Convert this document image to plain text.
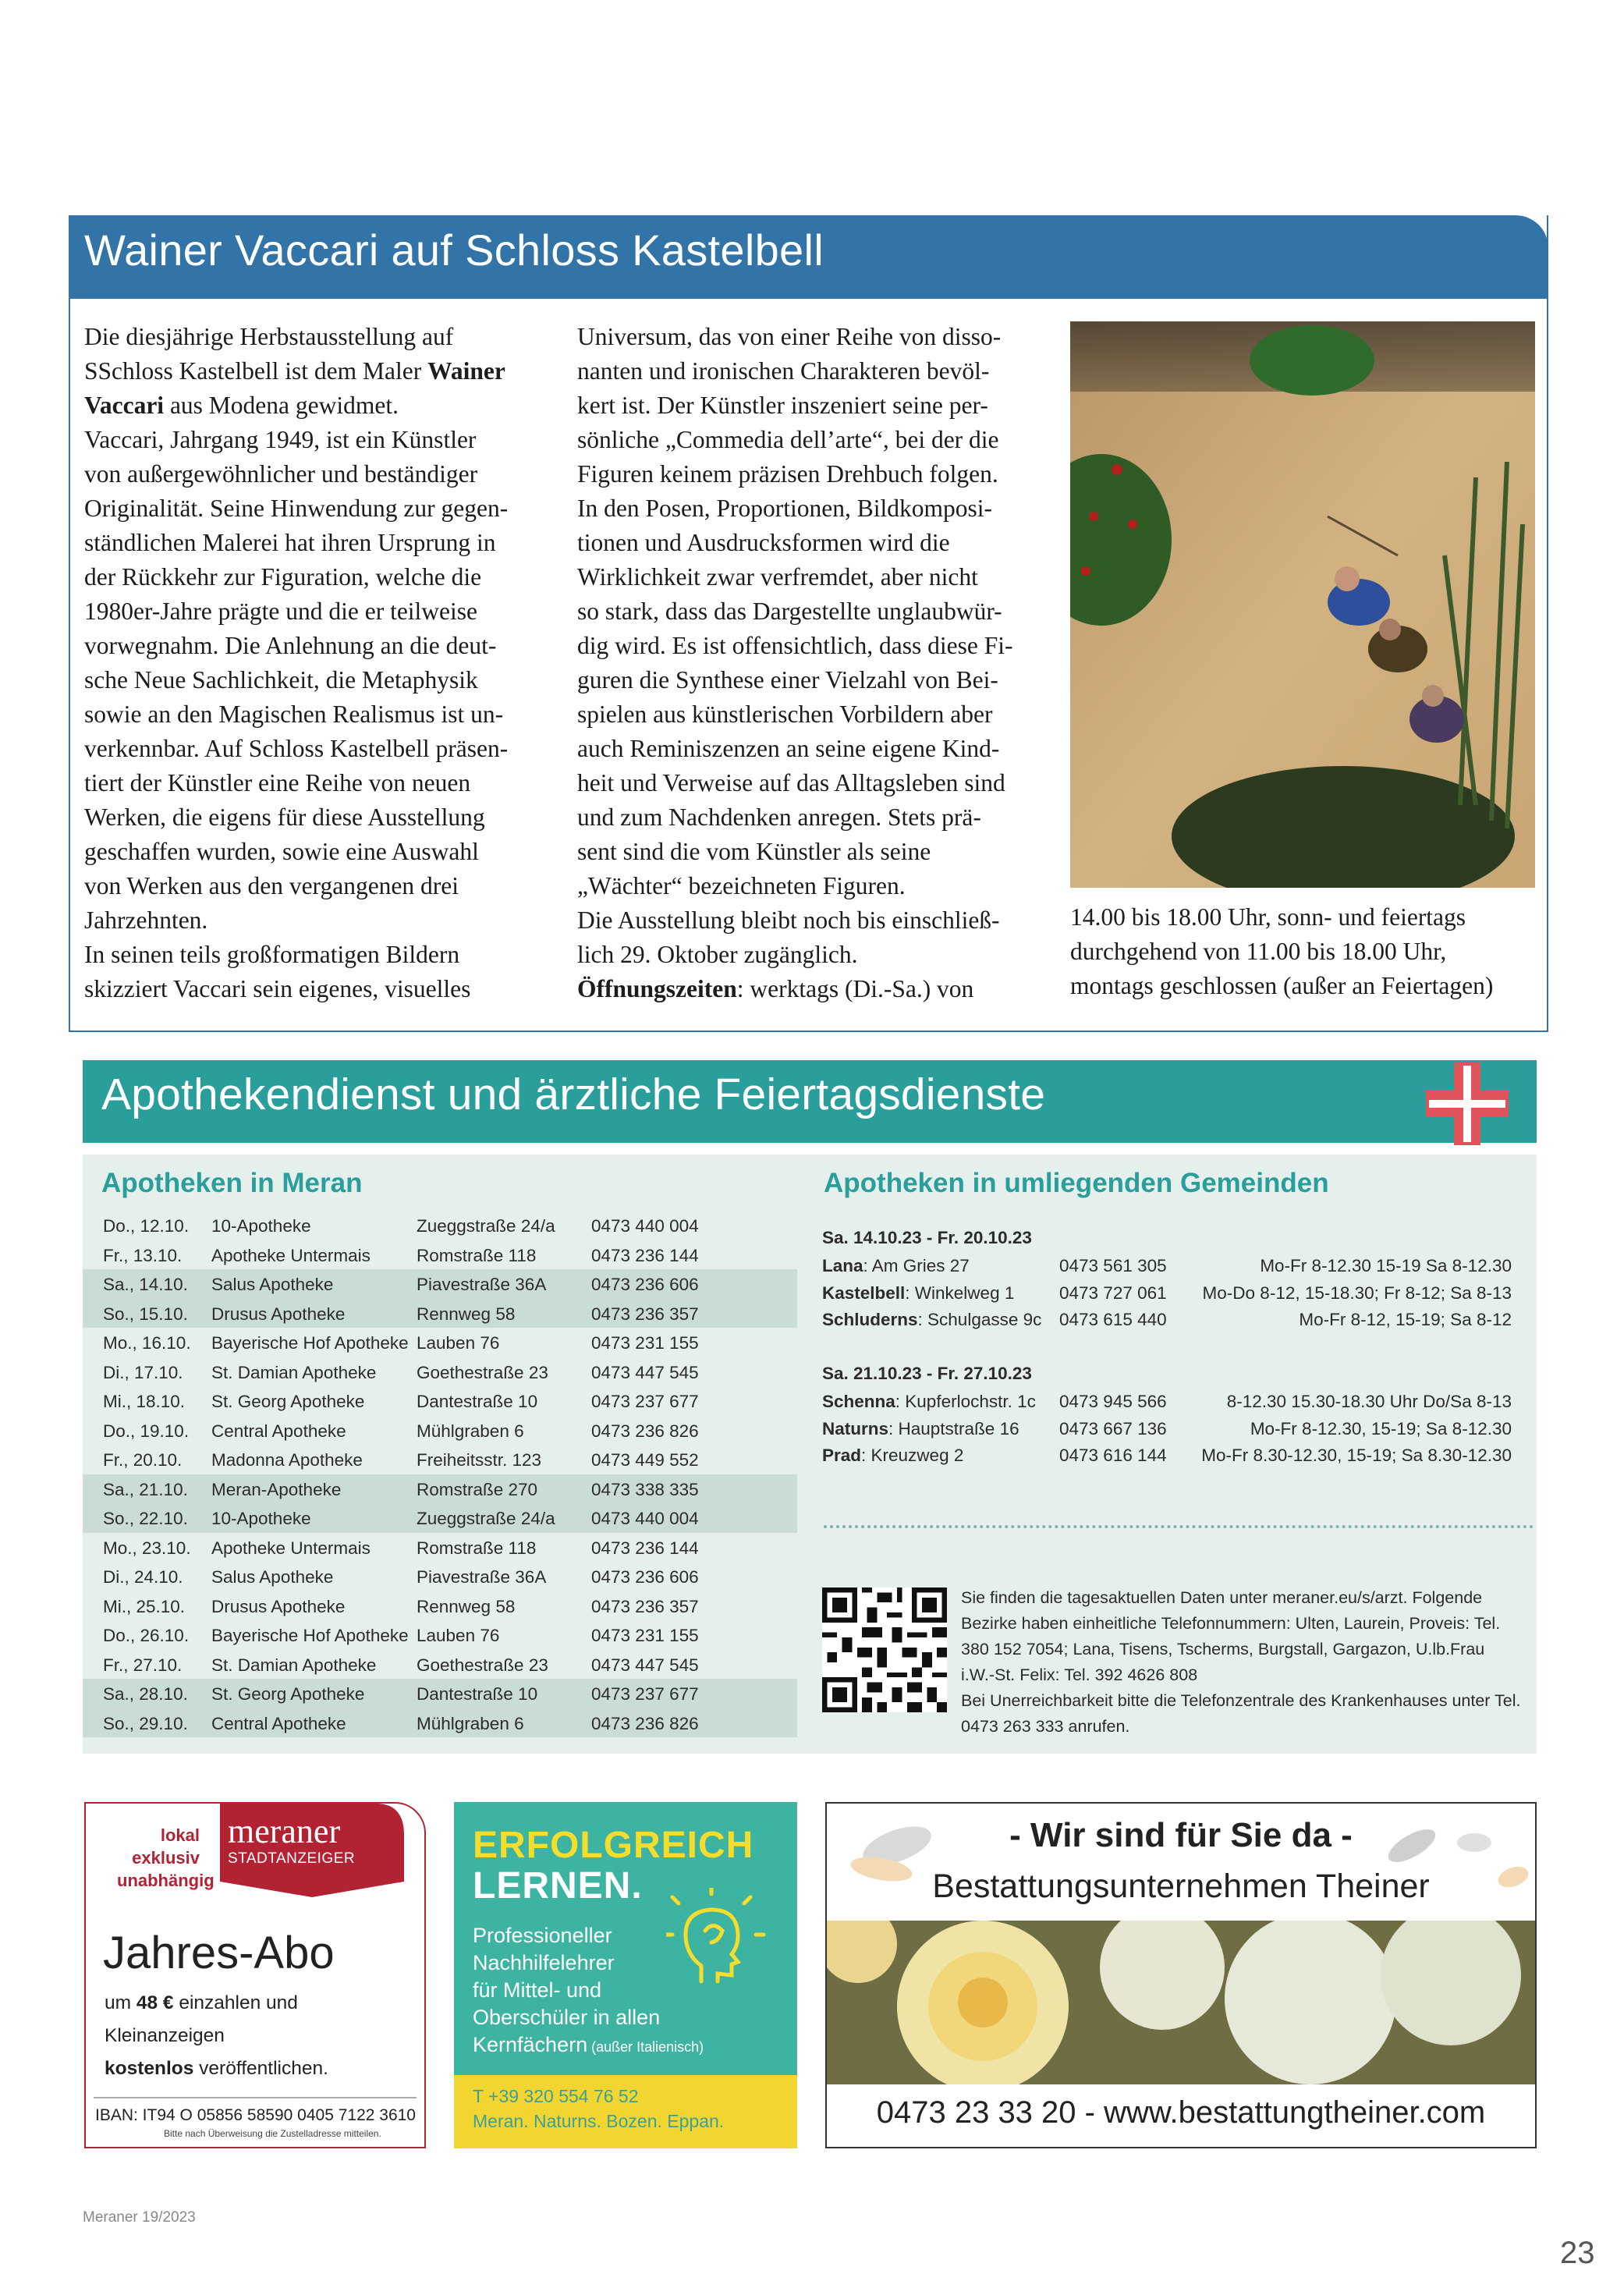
Wainer Vaccari auf Schloss Kastelbell

Die diesjährige Herbstausstellung auf

SSchloss Kastelbell ist dem Maler Wainer

Vaccari aus Modena gewidmet.

Vaccari, Jahrgang 1949, ist ein Künstler

von außergewöhnlicher und beständiger

Originalität. Seine Hinwendung zur gegen-

ständlichen Malerei hat ihren Ursprung in

der Rückkehr zur Figuration, welche die

1980er-Jahre prägte und die er teilweise

vorwegnahm. Die Anlehnung an die deut-

sche Neue Sachlichkeit, die Metaphysik

sowie an den Magischen Realismus ist un-

verkennbar. Auf Schloss Kastelbell präsen-

tiert der Künstler eine Reihe von neuen

Werken, die eigens für diese Ausstellung

geschaffen wurden, sowie eine Auswahl

von Werken aus den vergangenen drei

Jahrzehnten.

In seinen teils großformatigen Bildern

skizziert Vaccari sein eigenes, visuelles

Universum, das von einer Reihe von disso-

nanten und ironischen Charakteren bevöl-

kert ist. Der Künstler inszeniert seine per-

sönliche „Commedia dell’arte“, bei der die

Figuren keinem präzisen Drehbuch folgen.

In den Posen, Proportionen, Bildkomposi-

tionen und Ausdrucksformen wird die

Wirklichkeit zwar verfremdet, aber nicht

so stark, dass das Dargestellte unglaubwür-

dig wird. Es ist offensichtlich, dass diese Fi-

guren die Synthese einer Vielzahl von Bei-

spielen aus künstlerischen Vorbildern aber

auch Reminiszenzen an seine eigene Kind-

heit und Verweise auf das Alltagsleben sind

und zum Nachdenken anregen. Stets prä-

sent sind die vom Künstler als seine

„Wächter“ bezeichneten Figuren.

Die Ausstellung bleibt noch bis einschließ-

lich 29. Oktober zugänglich.

Öffnungszeiten: werktags (Di.-Sa.) von

14.00 bis 18.00 Uhr, sonn- und feiertags

durchgehend von 11.00 bis 18.00 Uhr,

montags geschlossen (außer an Feiertagen)

Apothekendienst und ärztliche Feiertagsdienste
Apotheken in Meran
Do., 12.10. 10-Apotheke	Zueggstraße 24/a 0473 440 004
Fr., 13.10. Apotheke Untermais	Romstraße 118	0473 236 144
Sa., 14.10. Salus Apotheke	Piavestraße 36A	0473 236 606
So., 15.10. Drusus Apotheke	Rennweg 58	0473 236 357
Mo., 16.10. Bayerische Hof Apotheke Lauben 76	0473 231 155
Di., 17.10. St. Damian Apotheke Goethestraße 23 0473 447 545
Mi., 18.10. St. Georg Apotheke	Dantestraße 10	0473 237 677
Do., 19.10. Central Apotheke	Mühlgraben 6	0473 236 826
Fr., 20.10. Madonna Apotheke	Freiheitsstr. 123	0473 449 552
Sa., 21.10. Meran-Apotheke	Romstraße 270	0473 338 335
So., 22.10. 10-Apotheke	Zueggstraße 24/a 0473 440 004
Mo., 23.10. Apotheke Untermais	Romstraße 118	0473 236 144
Di., 24.10. Salus Apotheke	Piavestraße 36A	0473 236 606
Mi., 25.10. Drusus Apotheke	Rennweg 58	0473 236 357
Do., 26.10. Bayerische Hof Apotheke Lauben 76	0473 231 155
Fr., 27.10. St. Damian Apotheke Goethestraße 23 0473 447 545
Sa., 28.10. St. Georg Apotheke	Dantestraße 10	0473 237 677
So., 29.10. Central Apotheke	Mühlgraben 6	0473 236 826
Apotheken in umliegenden Gemeinden
Sa. 14.10.23 - Fr. 20.10.23
Lana: Am Gries 27	0473 561 305	Mo-Fr 8-12.30 15-19 Sa 8-12.30
Kastelbell: Winkelweg 1	0473 727 061 Mo-Do 8-12, 15-18.30; Fr 8-12; Sa 8-13
Schluderns: Schulgasse 9c 0473 615 440	Mo-Fr 8-12, 15-19; Sa 8-12
Sa. 21.10.23 - Fr. 27.10.23
Schenna: Kupferlochstr. 1c 0473 945 566	8-12.30 15.30-18.30 Uhr Do/Sa 8-13
Naturns: Hauptstraße 16 0473 667 136	Mo-Fr 8-12.30, 15-19; Sa 8-12.30
Prad: Kreuzweg 2	0473 616 144 Mo-Fr 8.30-12.30, 15-19; Sa 8.30-12.30

Sie finden die tagesaktuellen Daten unter meraner.eu/s/arzt. Folgende Bezirke haben einheitliche Telefonnummern: Ulten, Laurein, Proveis: Tel. 380 152 7054; Lana, Tisens, Tscherms, Burgstall, Gargazon, U.lb.Frau i.W.-St. Felix: Tel. 392 4626 808

Bei Unerreichbarkeit bitte die Telefonzentrale des Krankenhauses unter Tel. 0473 263 333 anrufen.

lokal
exklusiv
unabhängig
meraner
STADTANZEIGER
Jahres-Abo
um 48 € einzahlen und
Kleinanzeigen
kostenlos veröffentlichen.
IBAN: IT94 O 05856 58590 0405 7122 3610
Bitte nach Überweisung die Zustelladresse mitteilen.
ERFOLGREICH
LERNEN.
Professioneller
Nachhilfelehrer
für Mittel- und
Oberschüler in allen
Kernfächern (außer Italienisch)
T +39 320 554 76 52
Meran. Naturns. Bozen. Eppan.
- Wir sind für Sie da -
Bestattungsunternehmen Theiner
0473 23 33 20 - www.bestattungtheiner.com
Meraner 19/2023
23
